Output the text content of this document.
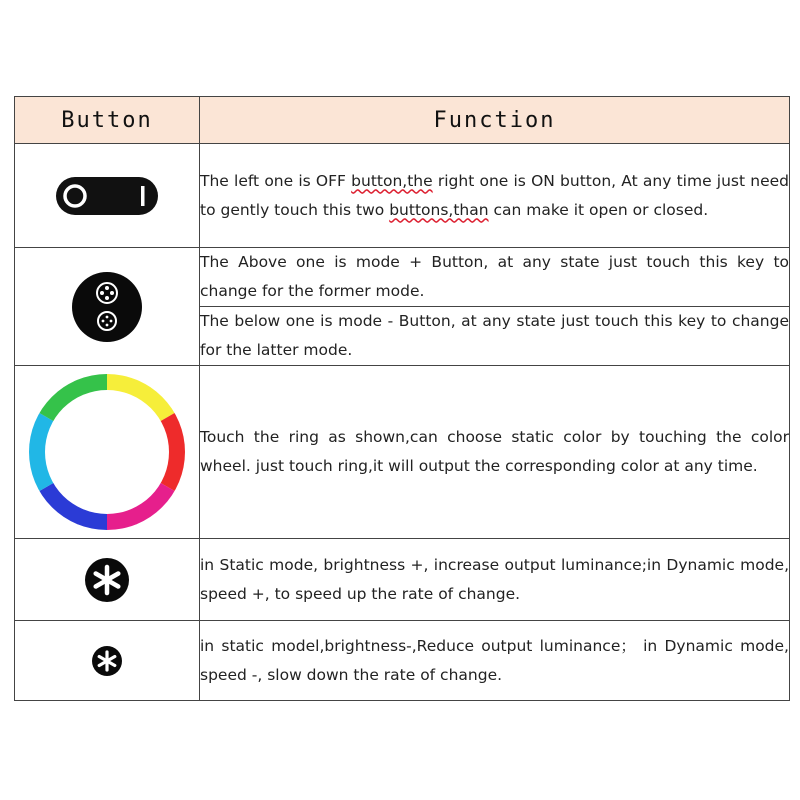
Button	Function

	The left one is OFF button,the right one is ON button, At any time just need to gently touch this two buttons,than can make it open or closed.

	The Above one is mode + Button, at any state just touch this key to change for the former mode.
	The below one is mode - Button, at any state just touch this key to change for the latter mode.

	Touch the ring as shown,can choose static color by touching the color wheel. just touch ring,it will output the corresponding color at any time.

	in Static mode, brightness +, increase output luminance;in Dynamic mode, speed +, to speed up the rate of change.

	in static model,brightness-,Reduce output luminance； in Dynamic mode, speed -, slow down the rate of change.
